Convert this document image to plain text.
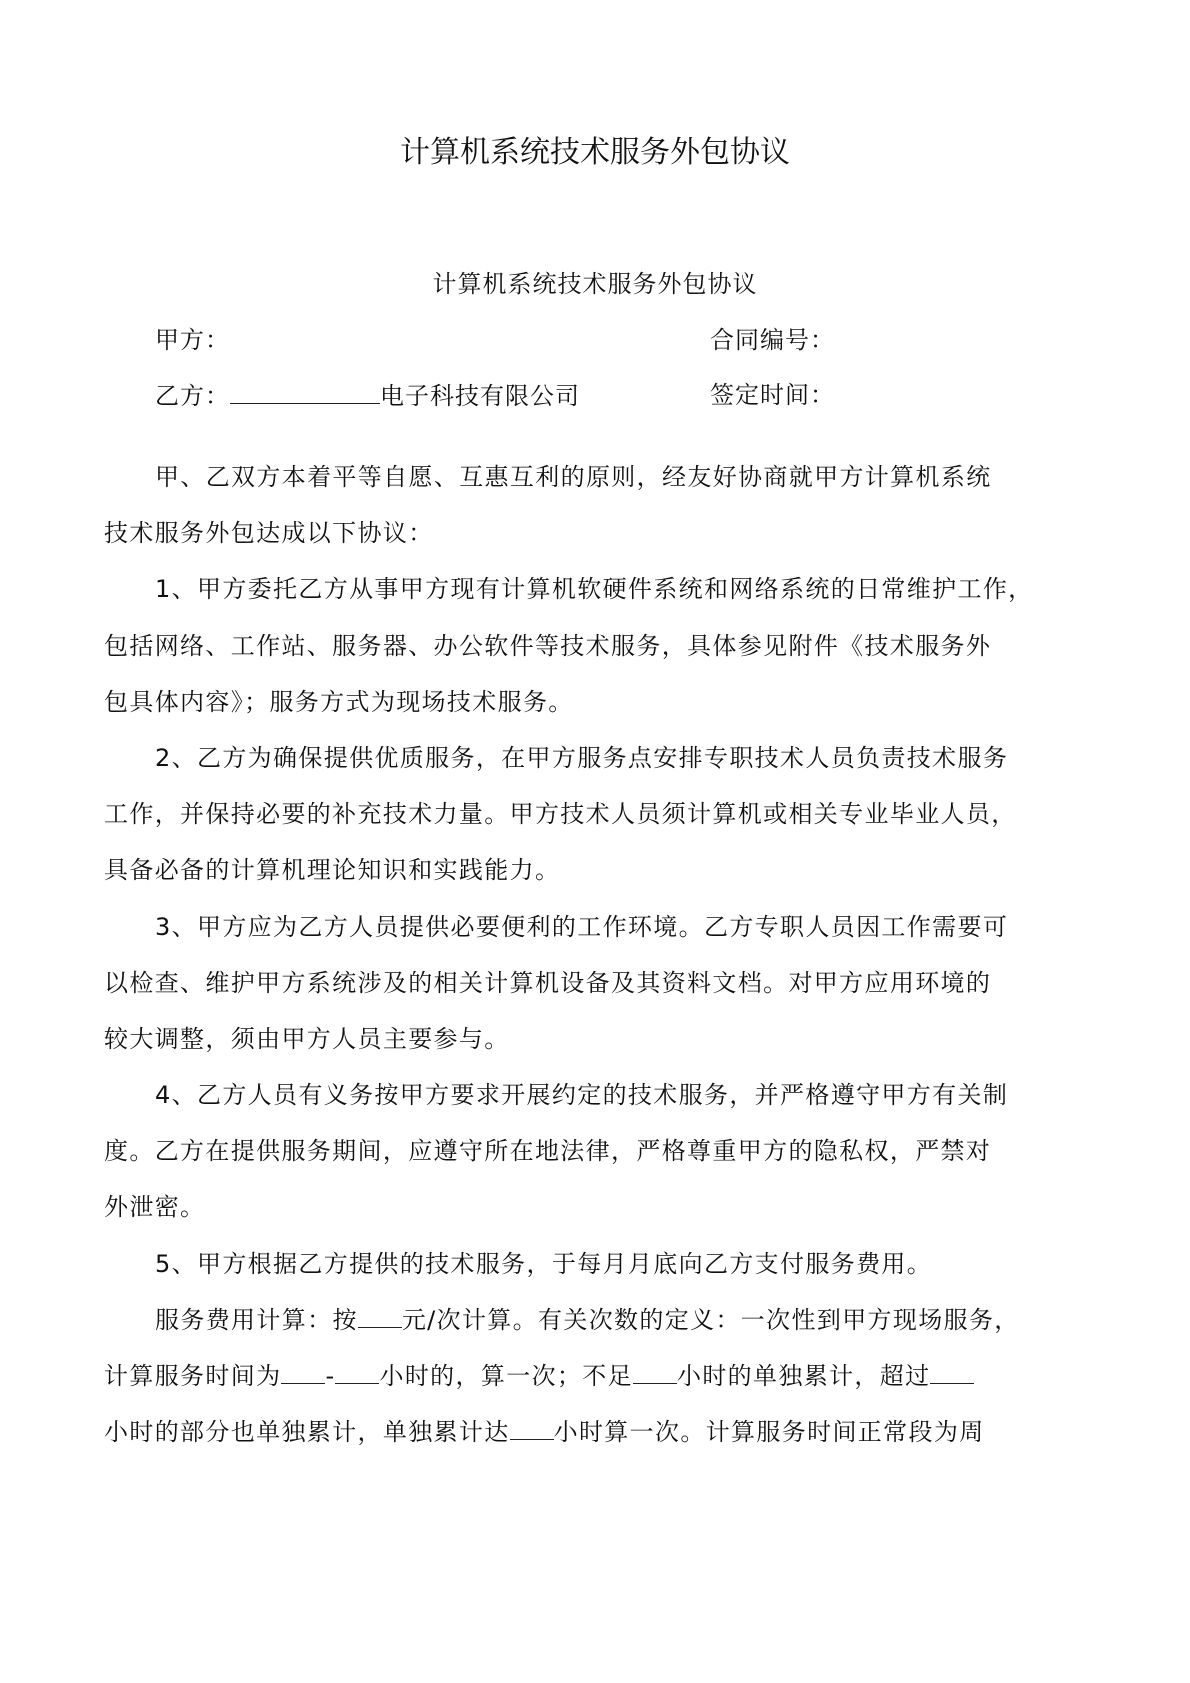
计算机系统技术服务外包协议
计算机系统技术服务外包协议
甲方：	合同编号：
乙方：	电子科技有限公司	签定时间：
甲、乙双方本着平等自愿、互惠互利的原则，经友好协商就甲方计算机系统
技术服务外包达成以下协议：
1、甲方委托乙方从事甲方现有计算机软硬件系统和网络系统的日常维护工作，
包括网络、工作站、服务器、办公软件等技术服务，具体参见附件《技术服务外
包具体内容》；服务方式为现场技术服务。
2、乙方为确保提供优质服务，在甲方服务点安排专职技术人员负责技术服务
工作，并保持必要的补充技术力量。甲方技术人员须计算机或相关专业毕业人员，
具备必备的计算机理论知识和实践能力。
3、甲方应为乙方人员提供必要便利的工作环境。乙方专职人员因工作需要可
以检查、维护甲方系统涉及的相关计算机设备及其资料文档。对甲方应用环境的
较大调整，须由甲方人员主要参与。
4、乙方人员有义务按甲方要求开展约定的技术服务，并严格遵守甲方有关制
度。乙方在提供服务期间，应遵守所在地法律，严格尊重甲方的隐私权，严禁对
外泄密。
5、甲方根据乙方提供的技术服务，于每月月底向乙方支付服务费用。
服务费用计算：按 元/次计算。有关次数的定义：一次性到甲方现场服务，
计算服务时间为 - 小时的，算一次；不足 小时的单独累计，超过
小时的部分也单独累计，单独累计达 小时算一次。计算服务时间正常段为周
